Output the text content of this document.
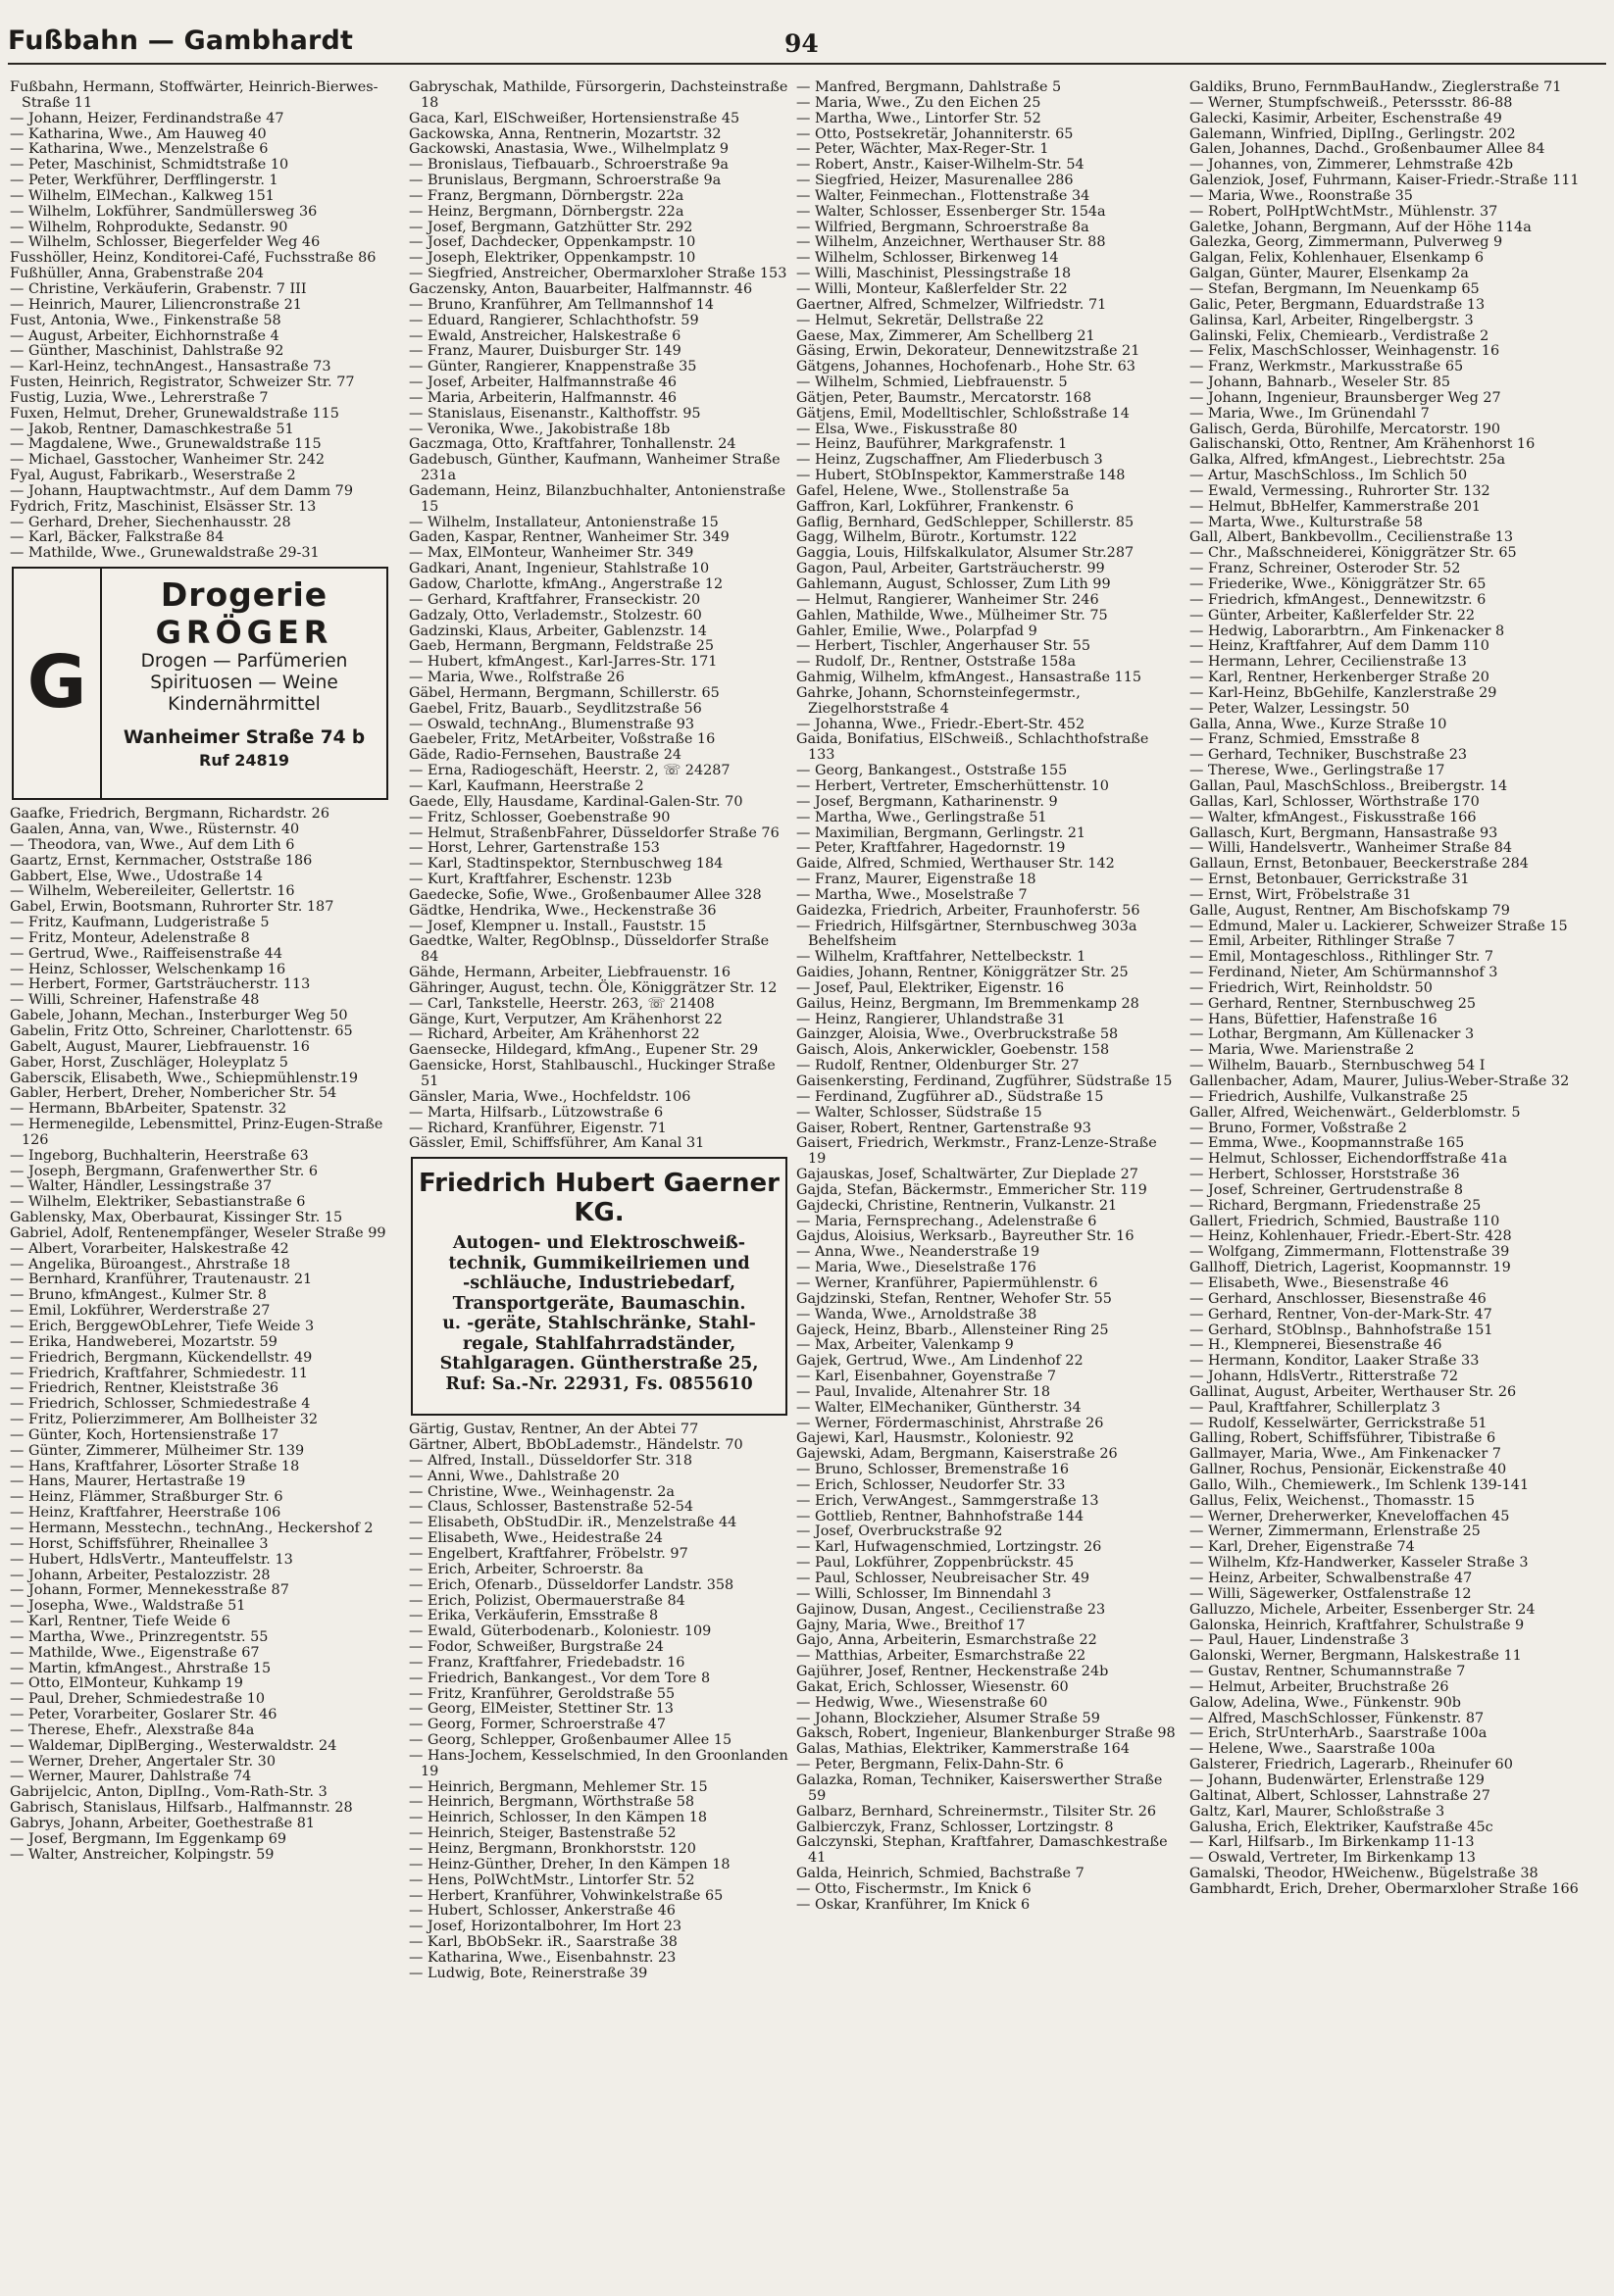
Fußbahn — Gambhardt	94
Fußbahn, Hermann, Stoffwärter, Heinrich-Bierwes-Straße 11
— Johann, Heizer, Ferdinandstraße 47
— Katharina, Wwe., Am Hauweg 40
— Katharina, Wwe., Menzelstraße 6
— Peter, Maschinist, Schmidtstraße 10
— Peter, Werkführer, Derfflingerstr. 1
— Wilhelm, ElMechan., Kalkweg 151
— Wilhelm, Lokführer, Sandmüllersweg 36
— Wilhelm, Rohprodukte, Sedanstr. 90
— Wilhelm, Schlosser, Biegerfelder Weg 46
Fusshöller, Heinz, Konditorei-Café, Fuchsstraße 86
Fußhüller, Anna, Grabenstraße 204
— Christine, Verkäuferin, Grabenstr. 7 III
— Heinrich, Maurer, Liliencronstraße 21
Fust, Antonia, Wwe., Finkenstraße 58
— August, Arbeiter, Eichhornstraße 4
— Günther, Maschinist, Dahlstraße 92
— Karl-Heinz, technAngest., Hansastraße 73
Fusten, Heinrich, Registrator, Schweizer Str. 77
Fustig, Luzia, Wwe., Lehrerstraße 7
Fuxen, Helmut, Dreher, Grunewaldstraße 115
— Jakob, Rentner, Damaschkestraße 51
— Magdalene, Wwe., Grunewaldstraße 115
— Michael, Gasstocher, Wanheimer Str. 242
Fyal, August, Fabrikarb., Weserstraße 2
— Johann, Hauptwachtmstr., Auf dem Damm 79
Fydrich, Fritz, Maschinist, Elsässer Str. 13
— Gerhard, Dreher, Siechenhausstr. 28
— Karl, Bäcker, Falkstraße 84
— Mathilde, Wwe., Grunewaldstraße 29-31
G
Drogerie
GRÖGER
Drogen — Parfümerien
Spirituosen — Weine
Kindernährmittel
Wanheimer Straße 74 b
Ruf 24819
Gaafke, Friedrich, Bergmann, Richardstr. 26
Gaalen, Anna, van, Wwe., Rüsternstr. 40
— Theodora, van, Wwe., Auf dem Lith 6
Gaartz, Ernst, Kernmacher, Oststraße 186
Gabbert, Else, Wwe., Udostraße 14
— Wilhelm, Webereileiter, Gellertstr. 16
Gabel, Erwin, Bootsmann, Ruhrorter Str. 187
— Fritz, Kaufmann, Ludgeristraße 5
— Fritz, Monteur, Adelenstraße 8
— Gertrud, Wwe., Raiffeisenstraße 44
— Heinz, Schlosser, Welschenkamp 16
— Herbert, Former, Gartsträucherstr. 113
— Willi, Schreiner, Hafenstraße 48
Gabele, Johann, Mechan., Insterburger Weg 50
Gabelin, Fritz Otto, Schreiner, Charlottenstr. 65
Gabelt, August, Maurer, Liebfrauenstr. 16
Gaber, Horst, Zuschläger, Holeyplatz 5
Gaberscik, Elisabeth, Wwe., Schiepmühlenstr.19
Gabler, Herbert, Dreher, Nombericher Str. 54
— Hermann, BbArbeiter, Spatenstr. 32
— Hermenegilde, Lebensmittel, Prinz-Eugen-Straße 126
— Ingeborg, Buchhalterin, Heerstraße 63
— Joseph, Bergmann, Grafenwerther Str. 6
— Walter, Händler, Lessingstraße 37
— Wilhelm, Elektriker, Sebastianstraße 6
Gablensky, Max, Oberbaurat, Kissinger Str. 15
Gabriel, Adolf, Rentenempfänger, Weseler Straße 99
— Albert, Vorarbeiter, Halskestraße 42
— Angelika, Büroangest., Ahrstraße 18
— Bernhard, Kranführer, Trautenaustr. 21
— Bruno, kfmAngest., Kulmer Str. 8
— Emil, Lokführer, Werderstraße 27
— Erich, BerggewObLehrer, Tiefe Weide 3
— Erika, Handweberei, Mozartstr. 59
— Friedrich, Bergmann, Kückendellstr. 49
— Friedrich, Kraftfahrer, Schmiedestr. 11
— Friedrich, Rentner, Kleiststraße 36
— Friedrich, Schlosser, Schmiedestraße 4
— Fritz, Polierzimmerer, Am Bollheister 32
— Günter, Koch, Hortensienstraße 17
— Günter, Zimmerer, Mülheimer Str. 139
— Hans, Kraftfahrer, Lösorter Straße 18
— Hans, Maurer, Hertastraße 19
— Heinz, Flämmer, Straßburger Str. 6
— Heinz, Kraftfahrer, Heerstraße 106
— Hermann, Messtechn., technAng., Heckershof 2
— Horst, Schiffsführer, Rheinallee 3
— Hubert, HdlsVertr., Manteuffelstr. 13
— Johann, Arbeiter, Pestalozzistr. 28
— Johann, Former, Mennekesstraße 87
— Josepha, Wwe., Waldstraße 51
— Karl, Rentner, Tiefe Weide 6
— Martha, Wwe., Prinzregentstr. 55
— Mathilde, Wwe., Eigenstraße 67
— Martin, kfmAngest., Ahrstraße 15
— Otto, ElMonteur, Kuhkamp 19
— Paul, Dreher, Schmiedestraße 10
— Peter, Vorarbeiter, Goslarer Str. 46
— Therese, Ehefr., Alexstraße 84a
— Waldemar, DiplBerging., Westerwaldstr. 24
— Werner, Dreher, Angertaler Str. 30
— Werner, Maurer, Dahlstraße 74
Gabrijelcic, Anton, DiplIng., Vom-Rath-Str. 3
Gabrisch, Stanislaus, Hilfsarb., Halfmannstr. 28
Gabrys, Johann, Arbeiter, Goethestraße 81
— Josef, Bergmann, Im Eggenkamp 69
— Walter, Anstreicher, Kolpingstr. 59
Gabryschak, Mathilde, Fürsorgerin, Dachsteinstraße 18
Gaca, Karl, ElSchweißer, Hortensienstraße 45
Gackowska, Anna, Rentnerin, Mozartstr. 32
Gackowski, Anastasia, Wwe., Wilhelmplatz 9
— Bronislaus, Tiefbauarb., Schroerstraße 9a
— Brunislaus, Bergmann, Schroerstraße 9a
— Franz, Bergmann, Dörnbergstr. 22a
— Heinz, Bergmann, Dörnbergstr. 22a
— Josef, Bergmann, Gatzhütter Str. 292
— Josef, Dachdecker, Oppenkampstr. 10
— Joseph, Elektriker, Oppenkampstr. 10
— Siegfried, Anstreicher, Obermarxloher Straße 153
Gaczensky, Anton, Bauarbeiter, Halfmannstr. 46
— Bruno, Kranführer, Am Tellmannshof 14
— Eduard, Rangierer, Schlachthofstr. 59
— Ewald, Anstreicher, Halskestraße 6
— Franz, Maurer, Duisburger Str. 149
— Günter, Rangierer, Knappenstraße 35
— Josef, Arbeiter, Halfmannstraße 46
— Maria, Arbeiterin, Halfmannstr. 46
— Stanislaus, Eisenanstr., Kalthoffstr. 95
— Veronika, Wwe., Jakobistraße 18b
Gaczmaga, Otto, Kraftfahrer, Tonhallenstr. 24
Gadebusch, Günther, Kaufmann, Wanheimer Straße 231a
Gademann, Heinz, Bilanzbuchhalter, Antonienstraße 15
— Wilhelm, Installateur, Antonienstraße 15
Gaden, Kaspar, Rentner, Wanheimer Str. 349
— Max, ElMonteur, Wanheimer Str. 349
Gadkari, Anant, Ingenieur, Stahlstraße 10
Gadow, Charlotte, kfmAng., Angerstraße 12
— Gerhard, Kraftfahrer, Franseckistr. 20
Gadzaly, Otto, Verlademstr., Stolzestr. 60
Gadzinski, Klaus, Arbeiter, Gablenzstr. 14
Gaeb, Hermann, Bergmann, Feldstraße 25
— Hubert, kfmAngest., Karl-Jarres-Str. 171
— Maria, Wwe., Rolfstraße 26
Gäbel, Hermann, Bergmann, Schillerstr. 65
Gaebel, Fritz, Bauarb., Seydlitzstraße 56
— Oswald, technAng., Blumenstraße 93
Gaebeler, Fritz, MetArbeiter, Voßstraße 16
Gäde, Radio-Fernsehen, Baustraße 24
— Erna, Radiogeschäft, Heerstr. 2, ☏ 24287
— Karl, Kaufmann, Heerstraße 2
Gaede, Elly, Hausdame, Kardinal-Galen-Str. 70
— Fritz, Schlosser, Goebenstraße 90
— Helmut, StraßenbFahrer, Düsseldorfer Straße 76
— Horst, Lehrer, Gartenstraße 153
— Karl, Stadtinspektor, Sternbuschweg 184
— Kurt, Kraftfahrer, Eschenstr. 123b
Gaedecke, Sofie, Wwe., Großenbaumer Allee 328
Gädtke, Hendrika, Wwe., Heckenstraße 36
— Josef, Klempner u. Install., Fauststr. 15
Gaedtke, Walter, RegOblnsp., Düsseldorfer Straße 84
Gähde, Hermann, Arbeiter, Liebfrauenstr. 16
Gähringer, August, techn. Öle, Königgrätzer Str. 12
— Carl, Tankstelle, Heerstr. 263, ☏ 21408
Gänge, Kurt, Verputzer, Am Krähenhorst 22
— Richard, Arbeiter, Am Krähenhorst 22
Gaensecke, Hildegard, kfmAng., Eupener Str. 29
Gaensicke, Horst, Stahlbauschl., Huckinger Straße 51
Gänsler, Maria, Wwe., Hochfeldstr. 106
— Marta, Hilfsarb., Lützowstraße 6
— Richard, Kranführer, Eigenstr. 71
Gässler, Emil, Schiffsführer, Am Kanal 31
Friedrich Hubert Gaerner
KG.
Autogen- und Elektroschweiß-
technik, Gummikeilriemen und
-schläuche, Industriebedarf,
Transportgeräte, Baumaschin.
u. -geräte, Stahlschränke, Stahl-
regale, Stahlfahrradständer,
Stahlgaragen. Güntherstraße 25,
Ruf: Sa.-Nr. 22931, Fs. 0855610
Gärtig, Gustav, Rentner, An der Abtei 77
Gärtner, Albert, BbObLademstr., Händelstr. 70
— Alfred, Install., Düsseldorfer Str. 318
— Anni, Wwe., Dahlstraße 20
— Christine, Wwe., Weinhagenstr. 2a
— Claus, Schlosser, Bastenstraße 52-54
— Elisabeth, ObStudDir. iR., Menzelstraße 44
— Elisabeth, Wwe., Heidestraße 24
— Engelbert, Kraftfahrer, Fröbelstr. 97
— Erich, Arbeiter, Schroerstr. 8a
— Erich, Ofenarb., Düsseldorfer Landstr. 358
— Erich, Polizist, Obermauerstraße 84
— Erika, Verkäuferin, Emsstraße 8
— Ewald, Güterbodenarb., Koloniestr. 109
— Fodor, Schweißer, Burgstraße 24
— Franz, Kraftfahrer, Friedebadstr. 16
— Friedrich, Bankangest., Vor dem Tore 8
— Fritz, Kranführer, Geroldstraße 55
— Georg, ElMeister, Stettiner Str. 13
— Georg, Former, Schroerstraße 47
— Georg, Schlepper, Großenbaumer Allee 15
— Hans-Jochem, Kesselschmied, In den Groonlanden 19
— Heinrich, Bergmann, Mehlemer Str. 15
— Heinrich, Bergmann, Wörthstraße 58
— Heinrich, Schlosser, In den Kämpen 18
— Heinrich, Steiger, Bastenstraße 52
— Heinz, Bergmann, Bronkhorststr. 120
— Heinz-Günther, Dreher, In den Kämpen 18
— Hens, PolWchtMstr., Lintorfer Str. 52
— Herbert, Kranführer, Vohwinkelstraße 65
— Hubert, Schlosser, Ankerstraße 46
— Josef, Horizontalbohrer, Im Hort 23
— Karl, BbObSekr. iR., Saarstraße 38
— Katharina, Wwe., Eisenbahnstr. 23
— Ludwig, Bote, Reinerstraße 39
— Manfred, Bergmann, Dahlstraße 5
— Maria, Wwe., Zu den Eichen 25
— Martha, Wwe., Lintorfer Str. 52
— Otto, Postsekretär, Johanniterstr. 65
— Peter, Wächter, Max-Reger-Str. 1
— Robert, Anstr., Kaiser-Wilhelm-Str. 54
— Siegfried, Heizer, Masurenallee 286
— Walter, Feinmechan., Flottenstraße 34
— Walter, Schlosser, Essenberger Str. 154a
— Wilfried, Bergmann, Schroerstraße 8a
— Wilhelm, Anzeichner, Werthauser Str. 88
— Wilhelm, Schlosser, Birkenweg 14
— Willi, Maschinist, Plessingstraße 18
— Willi, Monteur, Kaßlerfelder Str. 22
Gaertner, Alfred, Schmelzer, Wilfriedstr. 71
— Helmut, Sekretär, Dellstraße 22
Gaese, Max, Zimmerer, Am Schellberg 21
Gäsing, Erwin, Dekorateur, Dennewitzstraße 21
Gätgens, Johannes, Hochofenarb., Hohe Str. 63
— Wilhelm, Schmied, Liebfrauenstr. 5
Gätjen, Peter, Baumstr., Mercatorstr. 168
Gätjens, Emil, Modelltischler, Schloßstraße 14
— Elsa, Wwe., Fiskusstraße 80
— Heinz, Bauführer, Markgrafenstr. 1
— Heinz, Zugschaffner, Am Fliederbusch 3
— Hubert, StObInspektor, Kammerstraße 148
Gafel, Helene, Wwe., Stollenstraße 5a
Gaffron, Karl, Lokführer, Frankenstr. 6
Gaflig, Bernhard, GedSchlepper, Schillerstr. 85
Gagg, Wilhelm, Bürotr., Kortumstr. 122
Gaggia, Louis, Hilfskalkulator, Alsumer Str.287
Gagon, Paul, Arbeiter, Gartsträucherstr. 99
Gahlemann, August, Schlosser, Zum Lith 99
— Helmut, Rangierer, Wanheimer Str. 246
Gahlen, Mathilde, Wwe., Mülheimer Str. 75
Gahler, Emilie, Wwe., Polarpfad 9
— Herbert, Tischler, Angerhauser Str. 55
— Rudolf, Dr., Rentner, Oststraße 158a
Gahmig, Wilhelm, kfmAngest., Hansastraße 115
Gahrke, Johann, Schornsteinfegermstr., Ziegelhorststraße 4
— Johanna, Wwe., Friedr.-Ebert-Str. 452
Gaida, Bonifatius, ElSchweiß., Schlachthofstraße 133
— Georg, Bankangest., Oststraße 155
— Herbert, Vertreter, Emscherhüttenstr. 10
— Josef, Bergmann, Katharinenstr. 9
— Martha, Wwe., Gerlingstraße 51
— Maximilian, Bergmann, Gerlingstr. 21
— Peter, Kraftfahrer, Hagedornstr. 19
Gaide, Alfred, Schmied, Werthauser Str. 142
— Franz, Maurer, Eigenstraße 18
— Martha, Wwe., Moselstraße 7
Gaidezka, Friedrich, Arbeiter, Fraunhoferstr. 56
— Friedrich, Hilfsgärtner, Sternbuschweg 303a Behelfsheim
— Wilhelm, Kraftfahrer, Nettelbeckstr. 1
Gaidies, Johann, Rentner, Königgrätzer Str. 25
— Josef, Paul, Elektriker, Eigenstr. 16
Gailus, Heinz, Bergmann, Im Bremmenkamp 28
— Heinz, Rangierer, Uhlandstraße 31
Gainzger, Aloisia, Wwe., Overbruckstraße 58
Gaisch, Alois, Ankerwickler, Goebenstr. 158
— Rudolf, Rentner, Oldenburger Str. 27
Gaisenkersting, Ferdinand, Zugführer, Südstraße 15
— Ferdinand, Zugführer aD., Südstraße 15
— Walter, Schlosser, Südstraße 15
Gaiser, Robert, Rentner, Gartenstraße 93
Gaisert, Friedrich, Werkmstr., Franz-Lenze-Straße 19
Gajauskas, Josef, Schaltwärter, Zur Dieplade 27
Gajda, Stefan, Bäckermstr., Emmericher Str. 119
Gajdecki, Christine, Rentnerin, Vulkanstr. 21
— Maria, Fernsprechang., Adelenstraße 6
Gajdus, Aloisius, Werksarb., Bayreuther Str. 16
— Anna, Wwe., Neanderstraße 19
— Maria, Wwe., Dieselstraße 176
— Werner, Kranführer, Papiermühlenstr. 6
Gajdzinski, Stefan, Rentner, Wehofer Str. 55
— Wanda, Wwe., Arnoldstraße 38
Gajeck, Heinz, Bbarb., Allensteiner Ring 25
— Max, Arbeiter, Valenkamp 9
Gajek, Gertrud, Wwe., Am Lindenhof 22
— Karl, Eisenbahner, Goyenstraße 7
— Paul, Invalide, Altenahrer Str. 18
— Walter, ElMechaniker, Güntherstr. 34
— Werner, Fördermaschinist, Ahrstraße 26
Gajewi, Karl, Hausmstr., Koloniestr. 92
Gajewski, Adam, Bergmann, Kaiserstraße 26
— Bruno, Schlosser, Bremenstraße 16
— Erich, Schlosser, Neudorfer Str. 33
— Erich, VerwAngest., Sammgerstraße 13
— Gottlieb, Rentner, Bahnhofstraße 144
— Josef, Overbruckstraße 92
— Karl, Hufwagenschmied, Lortzingstr. 26
— Paul, Lokführer, Zoppenbrückstr. 45
— Paul, Schlosser, Neubreisacher Str. 49
— Willi, Schlosser, Im Binnendahl 3
Gajinow, Dusan, Angest., Cecilienstraße 23
Gajny, Maria, Wwe., Breithof 17
Gajo, Anna, Arbeiterin, Esmarchstraße 22
— Matthias, Arbeiter, Esmarchstraße 22
Gajührer, Josef, Rentner, Heckenstraße 24b
Gakat, Erich, Schlosser, Wiesenstr. 60
— Hedwig, Wwe., Wiesenstraße 60
— Johann, Blockzieher, Alsumer Straße 59
Gaksch, Robert, Ingenieur, Blankenburger Straße 98
Galas, Mathias, Elektriker, Kammerstraße 164
— Peter, Bergmann, Felix-Dahn-Str. 6
Galazka, Roman, Techniker, Kaiserswerther Straße 59
Galbarz, Bernhard, Schreinermstr., Tilsiter Str. 26
Galbierczyk, Franz, Schlosser, Lortzingstr. 8
Galczynski, Stephan, Kraftfahrer, Damaschkestraße 41
Galda, Heinrich, Schmied, Bachstraße 7
— Otto, Fischermstr., Im Knick 6
— Oskar, Kranführer, Im Knick 6
Galdiks, Bruno, FernmBauHandw., Zieglerstraße 71
— Werner, Stumpfschweiß., Peterssstr. 86-88
Galecki, Kasimir, Arbeiter, Eschenstraße 49
Galemann, Winfried, DiplIng., Gerlingstr. 202
Galen, Johannes, Dachd., Großenbaumer Allee 84
— Johannes, von, Zimmerer, Lehmstraße 42b
Galenziok, Josef, Fuhrmann, Kaiser-Friedr.-Straße 111
— Maria, Wwe., Roonstraße 35
— Robert, PolHptWchtMstr., Mühlenstr. 37
Galetke, Johann, Bergmann, Auf der Höhe 114a
Galezka, Georg, Zimmermann, Pulverweg 9
Galgan, Felix, Kohlenhauer, Elsenkamp 6
Galgan, Günter, Maurer, Elsenkamp 2a
— Stefan, Bergmann, Im Neuenkamp 65
Galic, Peter, Bergmann, Eduardstraße 13
Galinsa, Karl, Arbeiter, Ringelbergstr. 3
Galinski, Felix, Chemiearb., Verdistraße 2
— Felix, MaschSchlosser, Weinhagenstr. 16
— Franz, Werkmstr., Markusstraße 65
— Johann, Bahnarb., Weseler Str. 85
— Johann, Ingenieur, Braunsberger Weg 27
— Maria, Wwe., Im Grünendahl 7
Galisch, Gerda, Bürohilfe, Mercatorstr. 190
Galischanski, Otto, Rentner, Am Krähenhorst 16
Galka, Alfred, kfmAngest., Liebrechtstr. 25a
— Artur, MaschSchloss., Im Schlich 50
— Ewald, Vermessing., Ruhrorter Str. 132
— Helmut, BbHelfer, Kammerstraße 201
— Marta, Wwe., Kulturstraße 58
Gall, Albert, Bankbevollm., Cecilienstraße 13
— Chr., Maßschneiderei, Königgrätzer Str. 65
— Franz, Schreiner, Osteroder Str. 52
— Friederike, Wwe., Königgrätzer Str. 65
— Friedrich, kfmAngest., Dennewitzstr. 6
— Günter, Arbeiter, Kaßlerfelder Str. 22
— Hedwig, Laborarbtrn., Am Finkenacker 8
— Heinz, Kraftfahrer, Auf dem Damm 110
— Hermann, Lehrer, Cecilienstraße 13
— Karl, Rentner, Herkenberger Straße 20
— Karl-Heinz, BbGehilfe, Kanzlerstraße 29
— Peter, Walzer, Lessingstr. 50
Galla, Anna, Wwe., Kurze Straße 10
— Franz, Schmied, Emsstraße 8
— Gerhard, Techniker, Buschstraße 23
— Therese, Wwe., Gerlingstraße 17
Gallan, Paul, MaschSchloss., Breibergstr. 14
Gallas, Karl, Schlosser, Wörthstraße 170
— Walter, kfmAngest., Fiskusstraße 166
Gallasch, Kurt, Bergmann, Hansastraße 93
— Willi, Handelsvertr., Wanheimer Straße 84
Gallaun, Ernst, Betonbauer, Beeckerstraße 284
— Ernst, Betonbauer, Gerrickstraße 31
— Ernst, Wirt, Fröbelstraße 31
Galle, August, Rentner, Am Bischofskamp 79
— Edmund, Maler u. Lackierer, Schweizer Straße 15
— Emil, Arbeiter, Rithlinger Straße 7
— Emil, Montageschloss., Rithlinger Str. 7
— Ferdinand, Nieter, Am Schürmannshof 3
— Friedrich, Wirt, Reinholdstr. 50
— Gerhard, Rentner, Sternbuschweg 25
— Hans, Büfettier, Hafenstraße 16
— Lothar, Bergmann, Am Küllenacker 3
— Maria, Wwe. Marienstraße 2
— Wilhelm, Bauarb., Sternbuschweg 54 I
Gallenbacher, Adam, Maurer, Julius-Weber-Straße 32
— Friedrich, Aushilfe, Vulkanstraße 25
Galler, Alfred, Weichenwärt., Gelderblomstr. 5
— Bruno, Former, Voßstraße 2
— Emma, Wwe., Koopmannstraße 165
— Helmut, Schlosser, Eichendorffstraße 41a
— Herbert, Schlosser, Horststraße 36
— Josef, Schreiner, Gertrudenstraße 8
— Richard, Bergmann, Friedenstraße 25
Gallert, Friedrich, Schmied, Baustraße 110
— Heinz, Kohlenhauer, Friedr.-Ebert-Str. 428
— Wolfgang, Zimmermann, Flottenstraße 39
Gallhoff, Dietrich, Lagerist, Koopmannstr. 19
— Elisabeth, Wwe., Biesenstraße 46
— Gerhard, Anschlosser, Biesenstraße 46
— Gerhard, Rentner, Von-der-Mark-Str. 47
— Gerhard, StOblnsp., Bahnhofstraße 151
— H., Klempnerei, Biesenstraße 46
— Hermann, Konditor, Laaker Straße 33
— Johann, HdlsVertr., Ritterstraße 72
Gallinat, August, Arbeiter, Werthauser Str. 26
— Paul, Kraftfahrer, Schillerplatz 3
— Rudolf, Kesselwärter, Gerrickstraße 51
Galling, Robert, Schiffsführer, Tibistraße 6
Gallmayer, Maria, Wwe., Am Finkenacker 7
Gallner, Rochus, Pensionär, Eickenstraße 40
Gallo, Wilh., Chemiewerk., Im Schlenk 139-141
Gallus, Felix, Weichenst., Thomasstr. 15
— Werner, Dreherwerker, Kneveloffachen 45
— Werner, Zimmermann, Erlenstraße 25
— Karl, Dreher, Eigenstraße 74
— Wilhelm, Kfz-Handwerker, Kasseler Straße 3
— Heinz, Arbeiter, Schwalbenstraße 47
— Willi, Sägewerker, Ostfalenstraße 12
Galluzzo, Michele, Arbeiter, Essenberger Str. 24
Galonska, Heinrich, Kraftfahrer, Schulstraße 9
— Paul, Hauer, Lindenstraße 3
Galonski, Werner, Bergmann, Halskestraße 11
— Gustav, Rentner, Schumannstraße 7
— Helmut, Arbeiter, Bruchstraße 26
Galow, Adelina, Wwe., Fünkenstr. 90b
— Alfred, MaschSchlosser, Fünkenstr. 87
— Erich, StrUnterhArb., Saarstraße 100a
— Helene, Wwe., Saarstraße 100a
Galsterer, Friedrich, Lagerarb., Rheinufer 60
— Johann, Budenwärter, Erlenstraße 129
Galtinat, Albert, Schlosser, Lahnstraße 27
Galtz, Karl, Maurer, Schloßstraße 3
Galusha, Erich, Elektriker, Kaufstraße 45c
— Karl, Hilfsarb., Im Birkenkamp 11-13
— Oswald, Vertreter, Im Birkenkamp 13
Gamalski, Theodor, HWeichenw., Bügelstraße 38
Gambhardt, Erich, Dreher, Obermarxloher Straße 166
